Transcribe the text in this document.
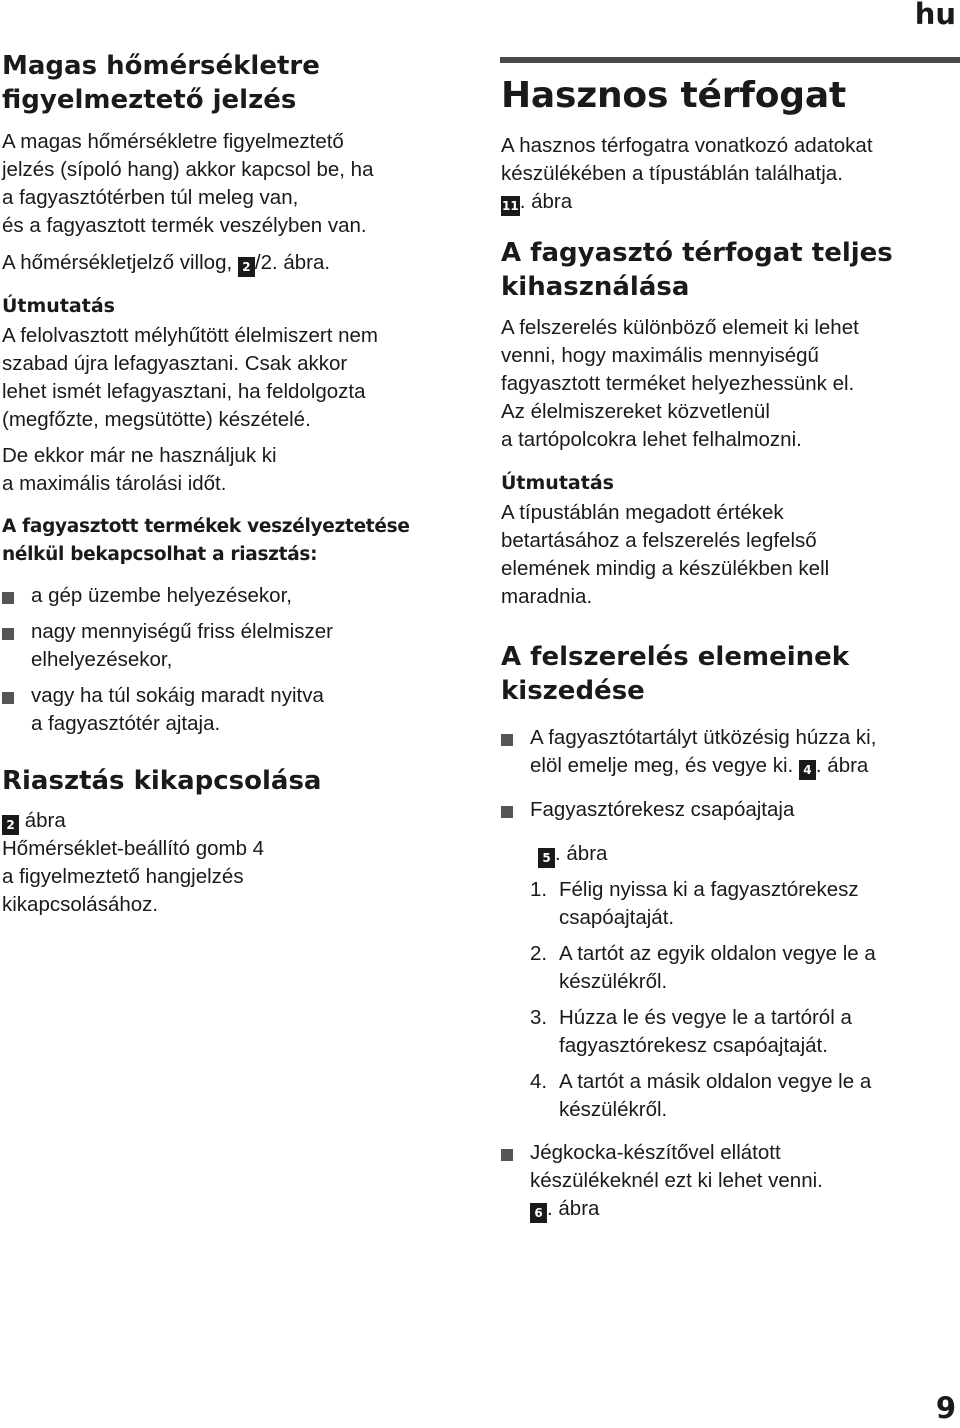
hu
Magas hőmérsékletre
figyelmeztető jelzés
A magas hőmérsékletre figyelmeztető
jelzés (sípoló hang) akkor kapcsol be, ha
a fagyasztótérben túl meleg van,
és a fagyasztott termék veszélyben van.
A hőmérsékletjelző villog, 2 /2. ábra.
Útmutatás
A felolvasztott mélyhűtött élelmiszert nem
szabad újra lefagyasztani. Csak akkor
lehet ismét lefagyasztani, ha feldolgozta
(megfőzte, megsütötte) készételé.
De ekkor már ne használjuk ki
a maximális tárolási időt.
A fagyasztott termékek veszélyeztetése
nélkül bekapcsolhat a riasztás:
a gép üzembe helyezésekor,
nagy mennyiségű friss élelmiszer
elhelyezésekor,
vagy ha túl sokáig maradt nyitva
a fagyasztótér ajtaja.
Riasztás kikapcsolása
2 ábra
Hőmérséklet-beállító gomb 4
a figyelmeztető hangjelzés
kikapcsolásához.
Hasznos térfogat
A hasznos térfogatra vonatkozó adatokat
készülékében a típustáblán találhatja.
11. ábra
A fagyasztó térfogat teljes
kihasználása
A felszerelés különböző elemeit ki lehet
venni, hogy maximális mennyiségű
fagyasztott terméket helyezhessünk el.
Az élelmiszereket közvetlenül
a tartópolcokra lehet felhalmozni.
Útmutatás
A típustáblán megadott értékek
betartásához a felszerelés legfelső
elemének mindig a készülékben kell
maradnia.
A felszerelés elemeinek
kiszedése
A fagyasztótartályt ütközésig húzza ki,
elöl emelje meg, és vegye ki. 4 . ábra
Fagyasztórekesz csapóajtaja
5 . ábra
1. Félig nyissa ki a fagyasztórekesz
csapóajtaját.
2. A tartót az egyik oldalon vegye le a
készülékről.
3. Húzza le és vegye le a tartóról a
fagyasztórekesz csapóajtaját.
4. A tartót a másik oldalon vegye le a
készülékről.
Jégkocka-készítővel ellátott
készülékeknél ezt ki lehet venni.
6 . ábra
9
